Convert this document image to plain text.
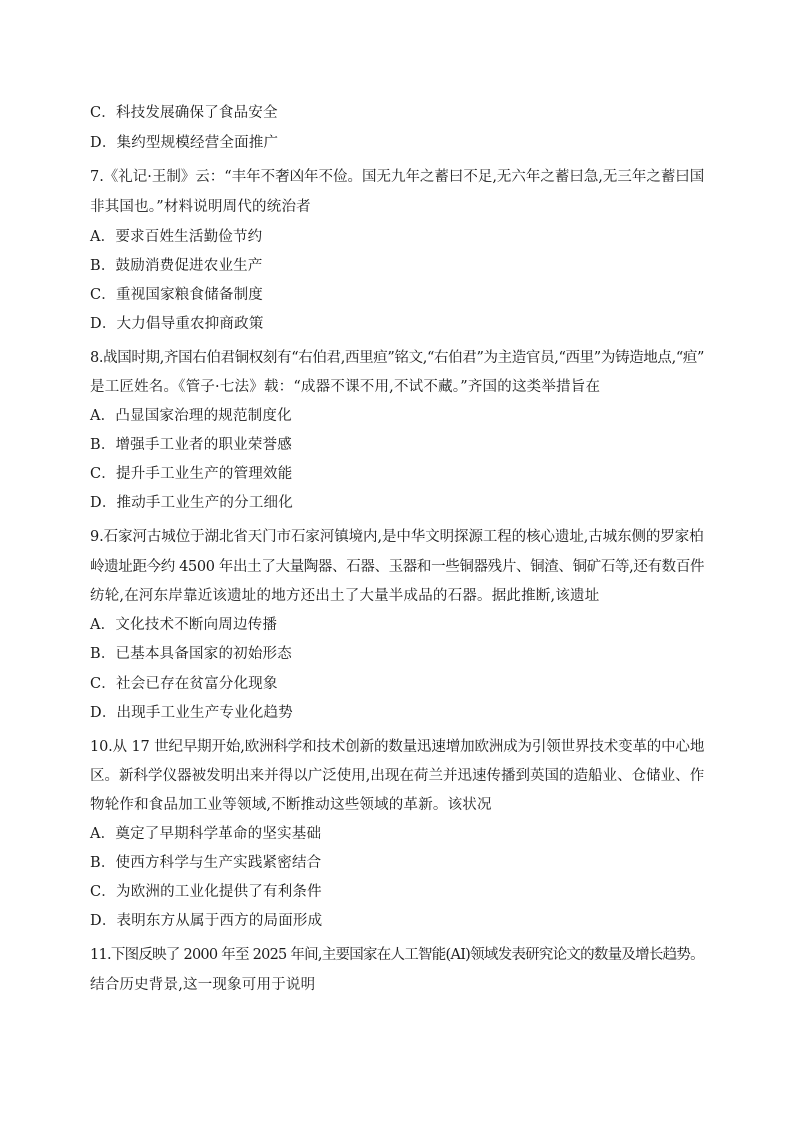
C．科技发展确保了食品安全
D．集约型规模经营全面推广
7.《礼记·王制》云：“丰年不奢凶年不俭。国无九年之蓄曰不足,无六年之蓄曰急,无三年之蓄曰国
非其国也。”材料说明周代的统治者
A．要求百姓生活勤俭节约
B．鼓励消费促进农业生产
C．重视国家粮食储备制度
D．大力倡导重农抑商政策
8.战国时期,齐国右伯君铜权刻有“右伯君,西里疸”铭文,“右伯君”为主造官员,“西里”为铸造地点,“疸”
是工匠姓名。《管子·七法》载：“成器不课不用,不试不藏。”齐国的这类举措旨在
A．凸显国家治理的规范制度化
B．增强手工业者的职业荣誉感
C．提升手工业生产的管理效能
D．推动手工业生产的分工细化
9.石家河古城位于湖北省天门市石家河镇境内,是中华文明探源工程的核心遗址,古城东侧的罗家柏
岭遗址距今约 4500 年出土了大量陶器、石器、玉器和一些铜器残片、铜渣、铜矿石等,还有数百件
纺轮,在河东岸靠近该遗址的地方还出土了大量半成品的石器。据此推断,该遗址
A．文化技术不断向周边传播
B．已基本具备国家的初始形态
C．社会已存在贫富分化现象
D．出现手工业生产专业化趋势
10.从 17 世纪早期开始,欧洲科学和技术创新的数量迅速增加欧洲成为引领世界技术变革的中心地
区。新科学仪器被发明出来并得以广泛使用,出现在荷兰并迅速传播到英国的造船业、仓储业、作
物轮作和食品加工业等领域,不断推动这些领域的革新。该状况
A．奠定了早期科学革命的坚实基础
B．使西方科学与生产实践紧密结合
C．为欧洲的工业化提供了有利条件
D．表明东方从属于西方的局面形成
11.下图反映了 2000 年至 2025 年间,主要国家在人工智能(AI)领域发表研究论文的数量及增长趋势。
结合历史背景,这一现象可用于说明
